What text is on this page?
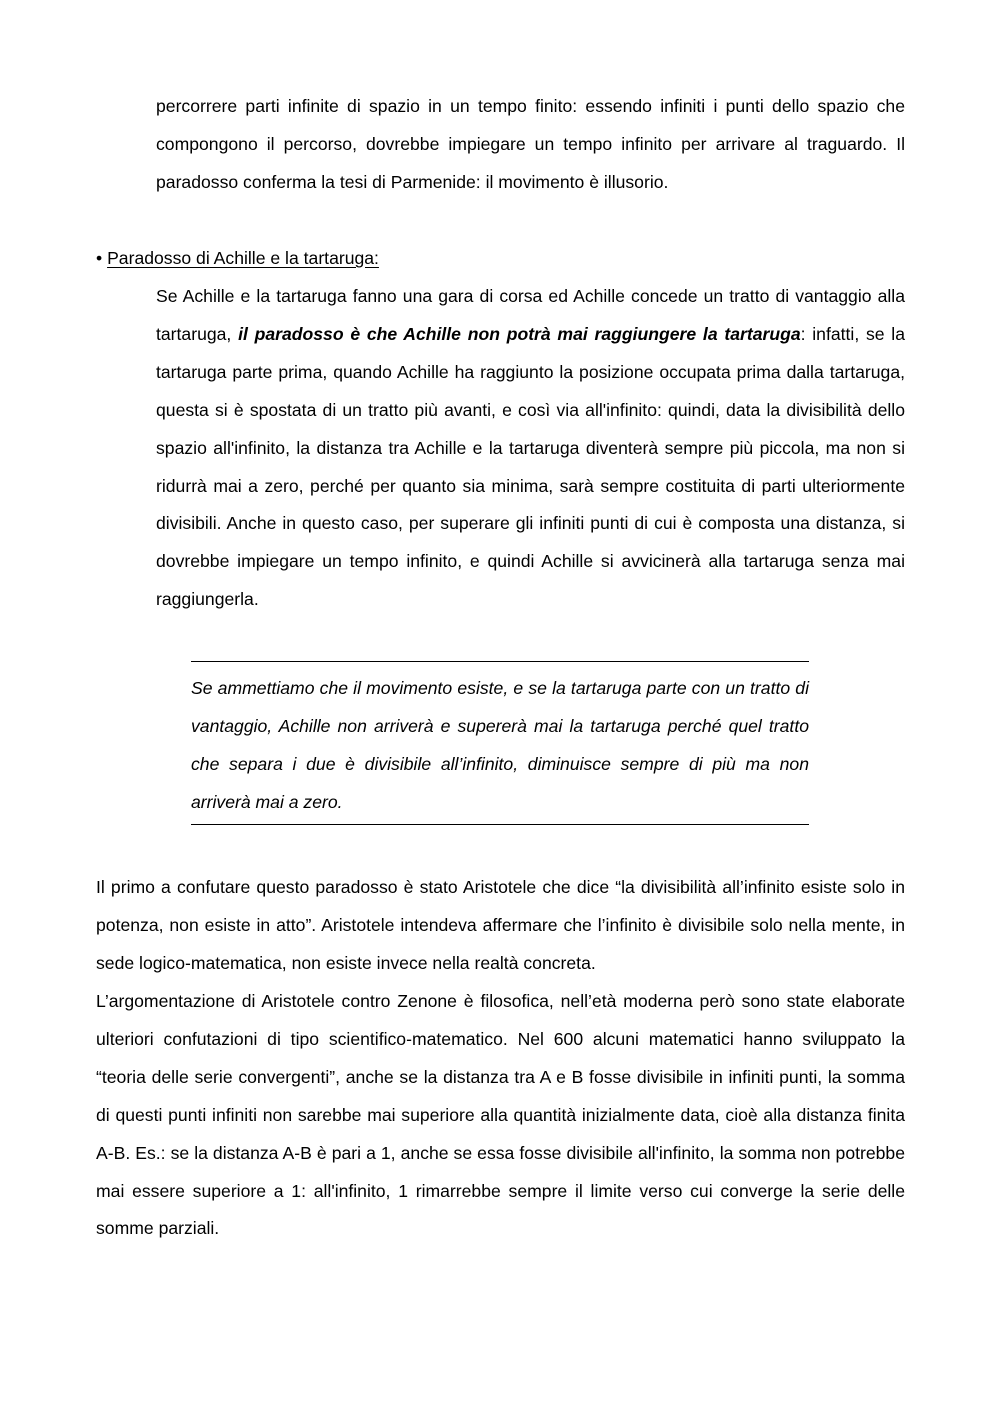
percorrere parti infinite di spazio in un tempo finito: essendo infiniti i punti dello spazio che compongono il percorso, dovrebbe impiegare un tempo infinito per arrivare al traguardo. Il paradosso conferma la tesi di Parmenide: il movimento è illusorio.

• Paradosso di Achille e la tartaruga:

Se Achille e la tartaruga fanno una gara di corsa ed Achille concede un tratto di vantaggio alla tartaruga, il paradosso è che Achille non potrà mai raggiungere la tartaruga: infatti, se la tartaruga parte prima, quando Achille ha raggiunto la posizione occupata prima dalla tartaruga, questa si è spostata di un tratto più avanti, e così via all'infinito: quindi, data la divisibilità dello spazio all'infinito, la distanza tra Achille e la tartaruga diventerà sempre più piccola, ma non si ridurrà mai a zero, perché per quanto sia minima, sarà sempre costituita di parti ulteriormente divisibili. Anche in questo caso, per superare gli infiniti punti di cui è composta una distanza, si dovrebbe impiegare un tempo infinito, e quindi Achille si avvicinerà alla tartaruga senza mai raggiungerla.

Se ammettiamo che il movimento esiste, e se la tartaruga parte con un tratto di vantaggio, Achille non arriverà e supererà mai la tartaruga perché quel tratto che separa i due è divisibile all’infinito, diminuisce sempre di più ma non arriverà mai a zero.

Il primo a confutare questo paradosso è stato Aristotele che dice “la divisibilità all’infinito esiste solo in potenza, non esiste in atto”. Aristotele intendeva affermare che l’infinito è divisibile solo nella mente, in sede logico-matematica, non esiste invece nella realtà concreta.

L’argomentazione di Aristotele contro Zenone è filosofica, nell’età moderna però sono state elaborate ulteriori confutazioni di tipo scientifico-matematico. Nel 600 alcuni matematici hanno sviluppato la “teoria delle serie convergenti”, anche se la distanza tra A e B fosse divisibile in infiniti punti, la somma di questi punti infiniti non sarebbe mai superiore alla quantità inizialmente data, cioè alla distanza finita A-B. Es.: se la distanza A-B è pari a 1, anche se essa fosse divisibile all'infinito, la somma non potrebbe mai essere superiore a 1: all'infinito, 1 rimarrebbe sempre il limite verso cui converge la serie delle somme parziali.
